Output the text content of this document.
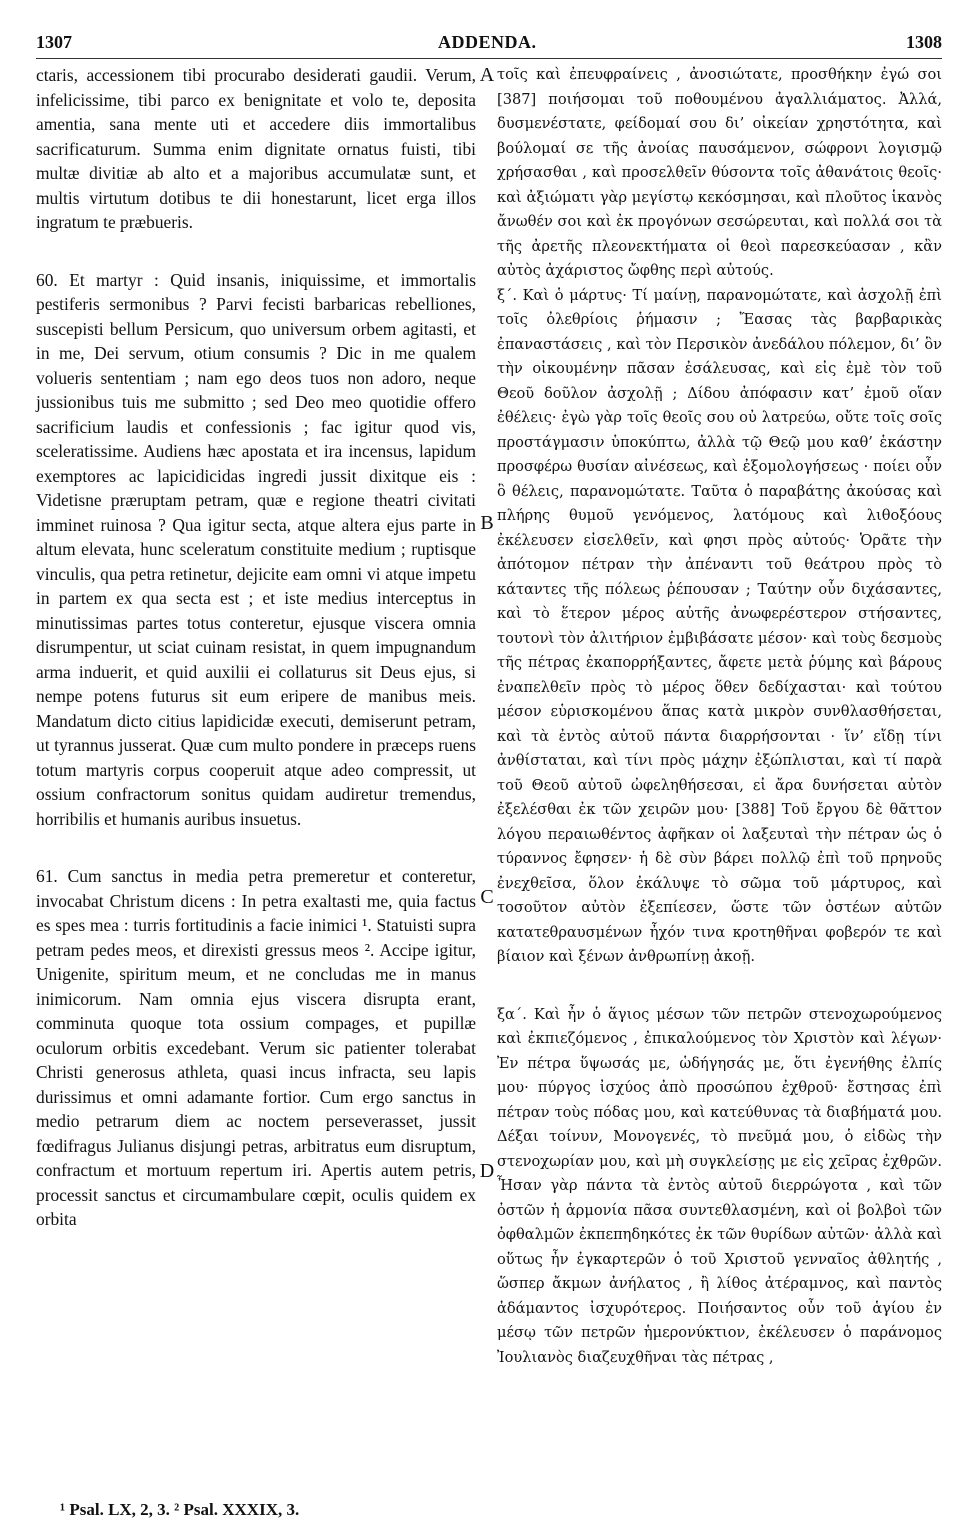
1307	ADDENDA.	1308

ctaris, accessionem tibi procurabo desiderati gaudii. Verum, infelicissime, tibi parco ex benignitate et volo te, deposita amentia, sana mente uti et accedere diis immortalibus sacrificaturum. Summa enim dignitate ornatus fuisti, tibi multæ divitiæ ab alto et a majoribus accumulatæ sunt, et multis virtutum dotibus te dii honestarunt, licet erga illos ingratum te præbueris.

60. Et martyr : Quid insanis, iniquissime, et immortalis pestiferis sermonibus ? Parvi fecisti barbaricas rebelliones, suscepisti bellum Persicum, quo universum orbem agitasti, et in me, Dei servum, otium consumis ? Dic in me qualem volueris sententiam ; nam ego deos tuos non adoro, neque jussionibus tuis me submitto ; sed Deo meo quotidie offero sacrificium laudis et confessionis ; fac igitur quod vis, sceleratissime. Audiens hæc apostata et ira incensus, lapidum exemptores ac lapicidicidas ingredi jussit dixitque eis : Videtisne præruptam petram, quæ e regione theatri civitati imminet ruinosa ? Qua igitur secta, atque altera ejus parte in altum elevata, hunc sceleratum constituite medium ; ruptisque vinculis, qua petra retinetur, dejicite eam omni vi atque impetu in partem ex qua secta est ; et iste medius interceptus in minutissimas partes totus conteretur, ejusque viscera omnia disrumpentur, ut sciat cuinam resistat, in quem impugnandum arma induerit, et quid auxilii ei collaturus sit Deus ejus, si nempe potens futurus sit eum eripere de manibus meis. Mandatum dicto citius lapidicidæ executi, demiserunt petram, ut tyrannus jusserat. Quæ cum multo pondere in præceps ruens totum martyris corpus cooperuit atque adeo compressit, ut ossium confractorum sonitus quidam audiretur tremendus, horribilis et humanis auribus insuetus.

61. Cum sanctus in media petra premeretur et conteretur, invocabat Christum dicens : In petra exaltasti me, quia factus es spes mea : turris fortitudinis a facie inimici ¹. Statuisti supra petram pedes meos, et direxisti gressus meos ². Accipe igitur, Unigenite, spiritum meum, et ne concludas me in manus inimicorum. Nam omnia ejus viscera disrupta erant, comminuta quoque tota ossium compages, et pupillæ oculorum orbitis excedebant. Verum sic patienter tolerabat Christi generosus athleta, quasi incus infracta, seu lapis durissimus et omni adamante fortior. Cum ergo sanctus in medio petrarum diem ac noctem perseverasset, jussit fœdifragus Julianus disjungi petras, arbitratus eum disruptum, confractum et mortuum repertum iri. Apertis autem petris, processit sanctus et circumambulare cœpit, oculis quidem ex orbita

A
B
C
D

τοῖς καὶ ἐπευφραίνεις , ἀνοσιώτατε, προσθήκην ἐγώ σοι [387] ποιήσομαι τοῦ ποθουμένου ἀγαλλιάματος. Ἀλλά, δυσμενέστατε, φείδομαί σου δι’ οἰκείαν χρηστότητα, καὶ βούλομαί σε τῆς ἀνοίας παυσάμενον, σώφρονι λογισμῷ χρήσασθαι , καὶ προσελθεῖν θύσοντα τοῖς ἀθανάτοις θεοῖς· καὶ ἀξιώματι γὰρ μεγίστῳ κεκόσμησαι, καὶ πλοῦτος ἱκανὸς ἄνωθέν σοι καὶ ἐκ προγόνων σεσώρευται, καὶ πολλά σοι τὰ τῆς ἀρετῆς πλεονεκτήματα οἱ θεοὶ παρεσκεύασαν , κἂν αὐτὸς ἀχάριστος ὤφθης περὶ αὐτούς.

ξ΄. Καὶ ὁ μάρτυς· Τί μαίνῃ, παρανομώτατε, καὶ ἀσχολῇ ἐπὶ τοῖς ὀλεθρίοις ῥήμασιν ; Ἔασας τὰς βαρβαρικὰς ἐπαναστάσεις , καὶ τὸν Περσικὸν ἀνεδάλου πόλεμον, δι’ ὃν τὴν οἰκουμένην πᾶσαν ἐσάλευσας, καὶ εἰς ἐμὲ τὸν τοῦ Θεοῦ δοῦλον ἀσχολῇ ; Δίδου ἀπόφασιν κατ’ ἐμοῦ οἵαν ἐθέλεις· ἐγὼ γὰρ τοῖς θεοῖς σου οὐ λατρεύω, οὔτε τοῖς σοῖς προστάγμασιν ὑποκύπτω, ἀλλὰ τῷ Θεῷ μου καθ’ ἑκάστην προσφέρω θυσίαν αἰνέσεως, καὶ ἐξομολογήσεως · ποίει οὖν ὃ θέλεις, παρανομώτατε. Ταῦτα ὁ παραβάτης ἀκούσας καὶ πλήρης θυμοῦ γενόμενος, λατόμους καὶ λιθοξόους ἐκέλευσεν εἰσελθεῖν, καὶ φησι πρὸς αὐτούς· Ὁρᾶτε τὴν ἀπότομον πέτραν τὴν ἀπέναντι τοῦ θεάτρου πρὸς τὸ κάταντες τῆς πόλεως ῥέπουσαν ; Ταύτην οὖν διχάσαντες, καὶ τὸ ἕτερον μέρος αὐτῆς ἀνωφερέστερον στήσαντες, τουτονὶ τὸν ἀλιτήριον ἐμβιβάσατε μέσον· καὶ τοὺς δεσμοὺς τῆς πέτρας ἐκαπορρήξαντες, ἄφετε μετὰ ῥύμης καὶ βάρους ἐναπελθεῖν πρὸς τὸ μέρος ὅθεν δεδίχασται· καὶ τούτου μέσον εὑρισκομένου ἅπας κατὰ μικρὸν συνθλασθήσεται, καὶ τὰ ἐντὸς αὐτοῦ πάντα διαρρήσονται · ἵν’ εἴδῃ τίνι ἀνθίσταται, καὶ τίνι πρὸς μάχην ἐξώπλισται, καὶ τί παρὰ τοῦ Θεοῦ αὐτοῦ ὠφεληθήσεσαι, εἰ ἄρα δυνήσεται αὐτὸν ἐξελέσθαι ἐκ τῶν χειρῶν μου· [388] Τοῦ ἔργου δὲ θᾶττον λόγου περαιωθέντος ἀφῆκαν οἱ λαξευταὶ τὴν πέτραν ὡς ὁ τύραννος ἔφησεν· ἡ δὲ σὺν βάρει πολλῷ ἐπὶ τοῦ πρηνοῦς ἐνεχθεῖσα, ὅλον ἐκάλυψε τὸ σῶμα τοῦ μάρτυρος, καὶ τοσοῦτον αὐτὸν ἐξεπίεσεν, ὥστε τῶν ὀστέων αὐτῶν κατατεθραυσμένων ἦχόν τινα κροτηθῆναι φοβερόν τε καὶ βίαιον καὶ ξένων ἀνθρωπίνῃ ἀκοῇ.

ξα΄. Καὶ ἦν ὁ ἅγιος μέσων τῶν πετρῶν στενοχωρούμενος καὶ ἐκπιεζόμενος , ἐπικαλούμενος τὸν Χριστὸν καὶ λέγων· Ἐν πέτρα ὕψωσάς με, ὡδήγησάς με, ὅτι ἐγενήθης ἐλπίς μου· πύργος ἰσχύος ἀπὸ προσώπου ἐχθροῦ· ἔστησας ἐπὶ πέτραν τοὺς πόδας μου, καὶ κατεύθυνας τὰ διαβήματά μου. Δέξαι τοίνυν, Μονογενές, τὸ πνεῦμά μου, ὁ εἰδὼς τὴν στενοχωρίαν μου, καὶ μὴ συγκλείσῃς με εἰς χεῖρας ἐχθρῶν. Ἦσαν γὰρ πάντα τὰ ἐντὸς αὐτοῦ διερρώγοτα , καὶ τῶν ὀστῶν ἡ ἁρμονία πᾶσα συντεθλασμένη, καὶ οἱ βολβοὶ τῶν ὀφθαλμῶν ἐκπεπηδηκότες ἐκ τῶν θυρίδων αὐτῶν· ἀλλὰ καὶ οὕτως ἦν ἐγκαρτερῶν ὁ τοῦ Χριστοῦ γενναῖος ἀθλητής , ὥσπερ ἄκμων ἀνήλατος , ἢ λίθος ἀτέραμνος, καὶ παντὸς ἀδάμαντος ἰσχυρότερος. Ποιήσαντος οὖν τοῦ ἁγίου ἐν μέσῳ τῶν πετρῶν ἡμερονύκτιον, ἐκέλευσεν ὁ παράνομος Ἰουλιανὸς διαζευχθῆναι τὰς πέτρας ,

¹ Psal. LX, 2, 3. ² Psal. XXXIX, 3.
